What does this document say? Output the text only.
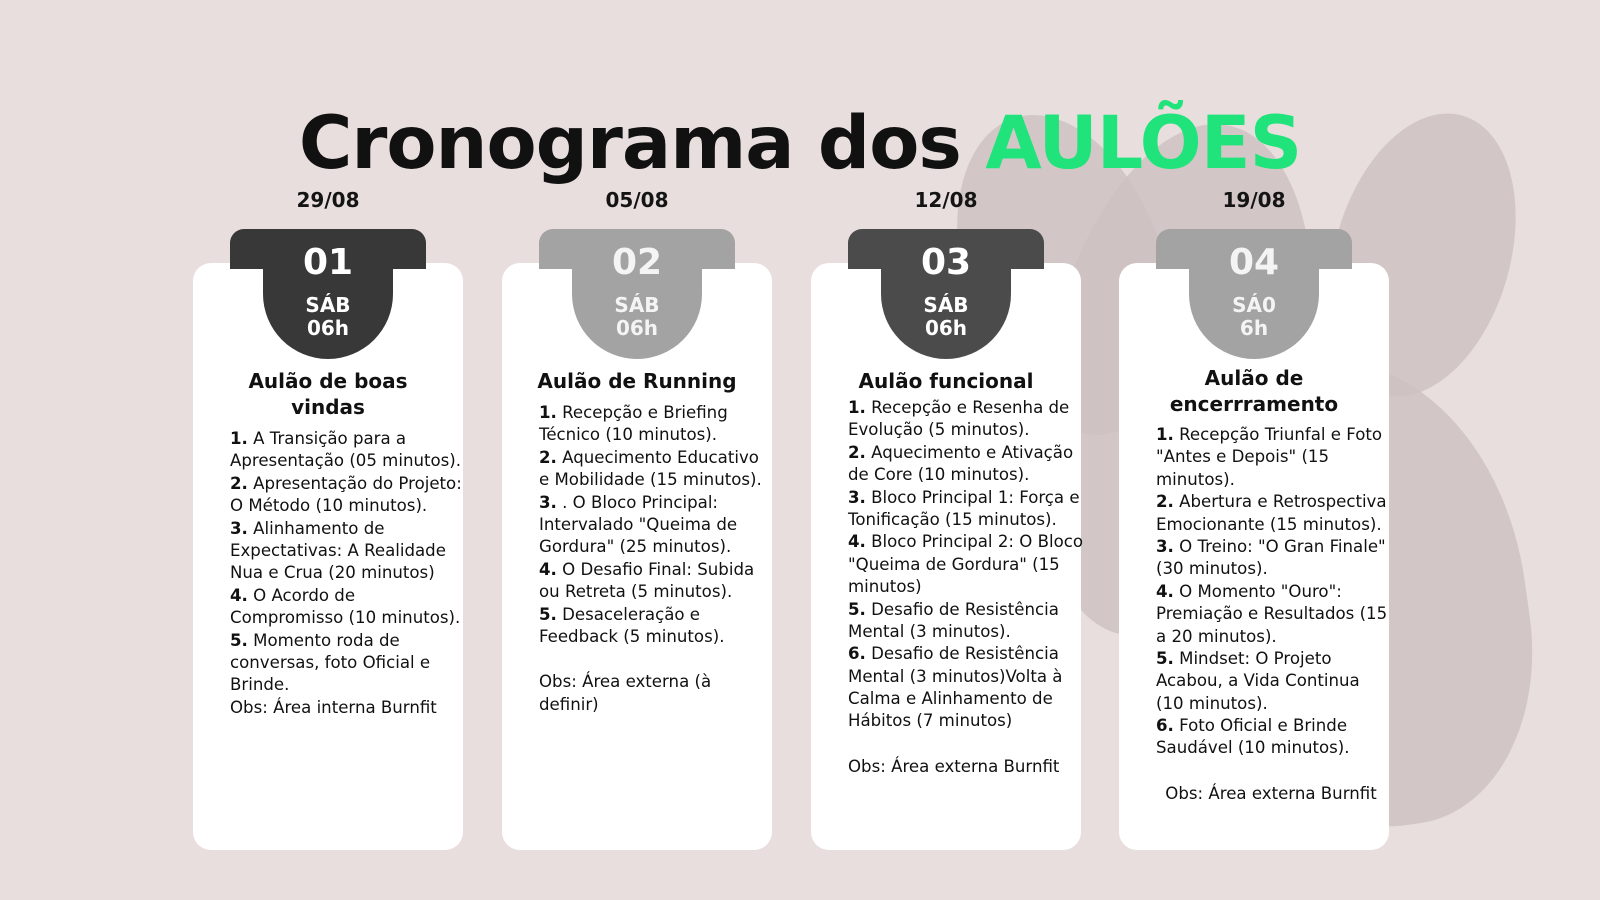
Cronograma dos AULÕES
29/08
01
SÁB
06h
Aulão de boas vindas

1. A Transição para a Apresentação (05 minutos).

2. Apresentação do Projeto: O Método (10 minutos).

3. Alinhamento de Expectativas: A Realidade Nua e Crua (20 minutos)

4. O Acordo de Compromisso (10 minutos).

5. Momento roda de conversas, foto Oficial e Brinde.

Obs: Área interna Burnfit

05/08
02
SÁB
06h
Aulão de Running

1. Recepção e Briefing Técnico (10 minutos).

2. Aquecimento Educativo e Mobilidade (15 minutos).

3. . O Bloco Principal: Intervalado "Queima de Gordura" (25 minutos).

4. O Desafio Final: Subida ou Retreta (5 minutos).

5. Desaceleração e Feedback (5 minutos).

Obs: Área externa (à definir)

12/08
03
SÁB
06h
Aulão funcional

1. Recepção e Resenha de Evolução (5 minutos).

2. Aquecimento e Ativação de Core (10 minutos).

3. Bloco Principal 1: Força e Tonificação (15 minutos).

4. Bloco Principal 2: O Bloco "Queima de Gordura" (15 minutos)

5. Desafio de Resistência Mental (3 minutos).

6. Desafio de Resistência Mental (3 minutos)Volta à Calma e Alinhamento de Hábitos (7 minutos)

Obs: Área externa Burnfit

19/08
04
SÁ0
6h
Aulão de encerrramento

1. Recepção Triunfal e Foto "Antes e Depois" (15 minutos).

2. Abertura e Retrospectiva Emocionante (15 minutos).

3. O Treino: "O Gran Finale" (30 minutos).

4. O Momento "Ouro": Premiação e Resultados (15 a 20 minutos).

5. Mindset: O Projeto Acabou, a Vida Continua (10 minutos).

6. Foto Oficial e Brinde Saudável (10 minutos).

Obs: Área externa Burnfit
